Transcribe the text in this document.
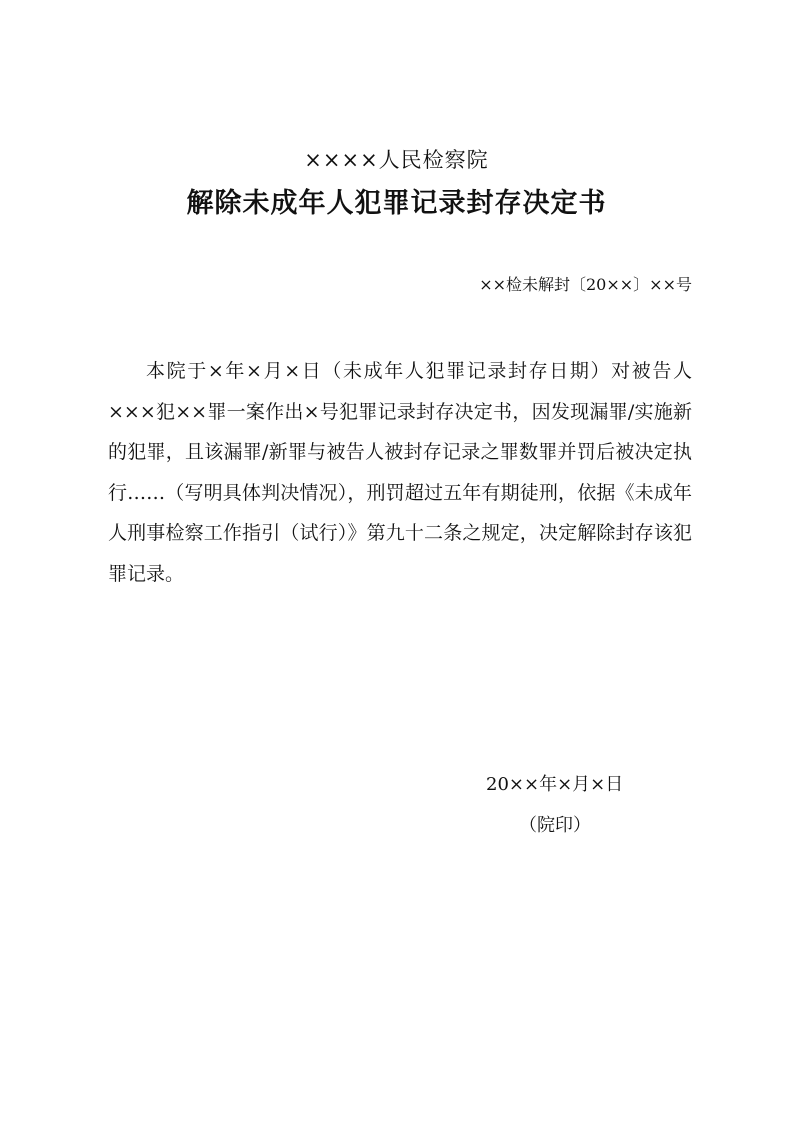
××××人民检察院
解除未成年人犯罪记录封存决定书
××检未解封〔20××〕××号

本院于×年×月×日（未成年人犯罪记录封存日期）对被告人×××犯××罪一案作出×号犯罪记录封存决定书，因发现漏罪/实施新的犯罪，且该漏罪/新罪与被告人被封存记录之罪数罪并罚后被决定执行……（写明具体判决情况），刑罚超过五年有期徒刑，依据《未成年人刑事检察工作指引（试行）》第九十二条之规定，决定解除封存该犯罪记录。

20××年×月×日
（院印）
